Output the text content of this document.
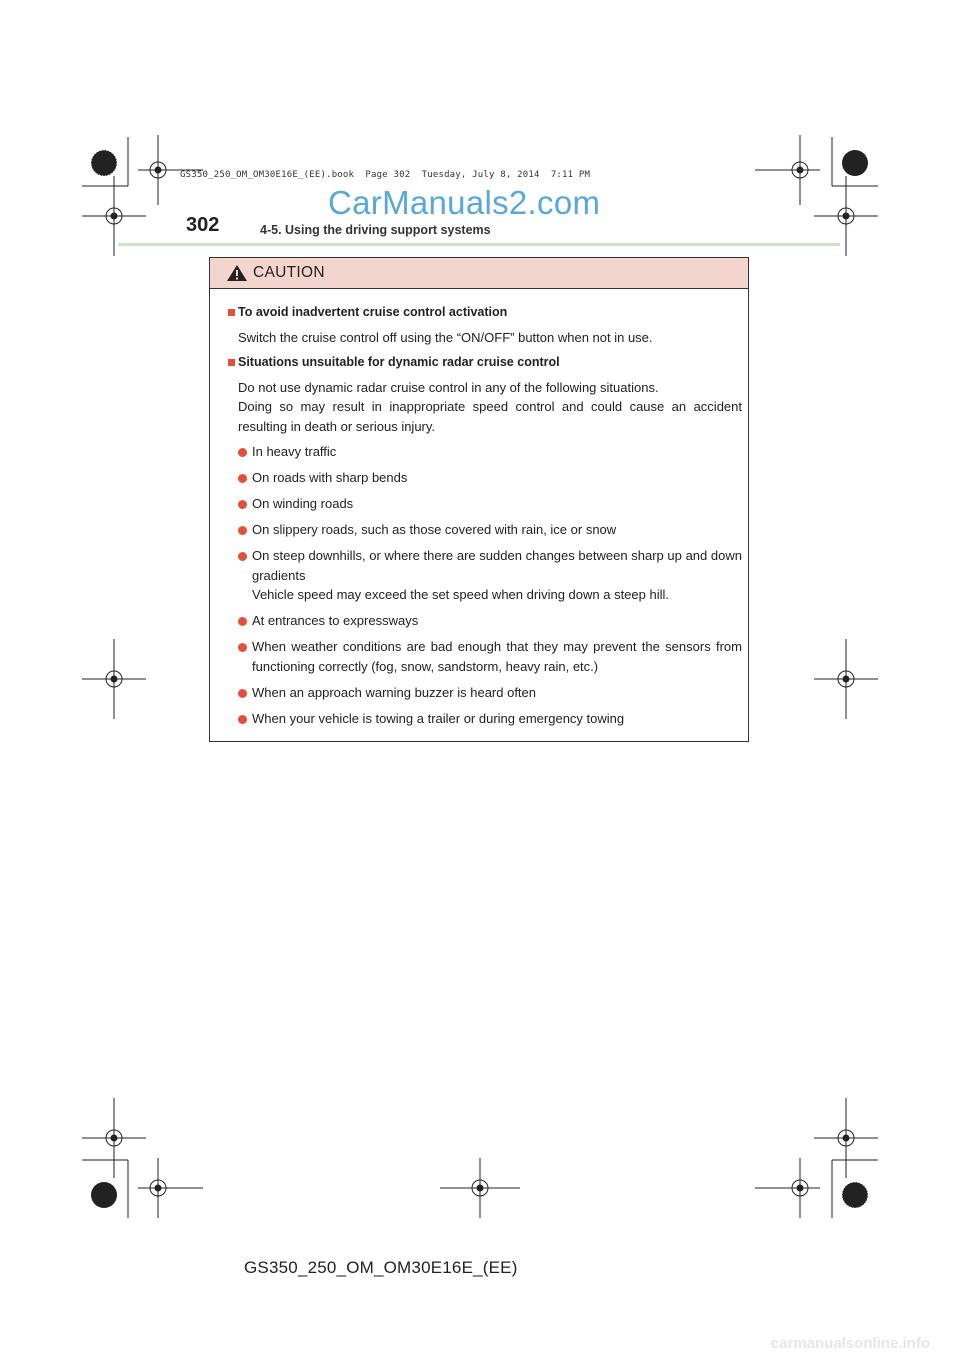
GS350_250_OM_OM30E16E_(EE).book  Page 302  Tuesday, July 8, 2014  7:11 PM
CarManuals2.com
302	4-5. Using the driving support systems
CAUTION

To avoid inadvertent cruise control activation

Switch the cruise control off using the “ON/OFF” button when not in use.

Situations unsuitable for dynamic radar cruise control

Do not use dynamic radar cruise control in any of the following situations.

Doing so may result in inappropriate speed control and could cause an accident resulting in death or serious injury.

In heavy traffic
On roads with sharp bends
On winding roads
On slippery roads, such as those covered with rain, ice or snow
On steep downhills, or where there are sudden changes between sharp up and down gradients
Vehicle speed may exceed the set speed when driving down a steep hill.
At entrances to expressways
When weather conditions are bad enough that they may prevent the sensors from functioning correctly (fog, snow, sandstorm, heavy rain, etc.)
When an approach warning buzzer is heard often
When your vehicle is towing a trailer or during emergency towing
GS350_250_OM_OM30E16E_(EE)
carmanualsonline.info
